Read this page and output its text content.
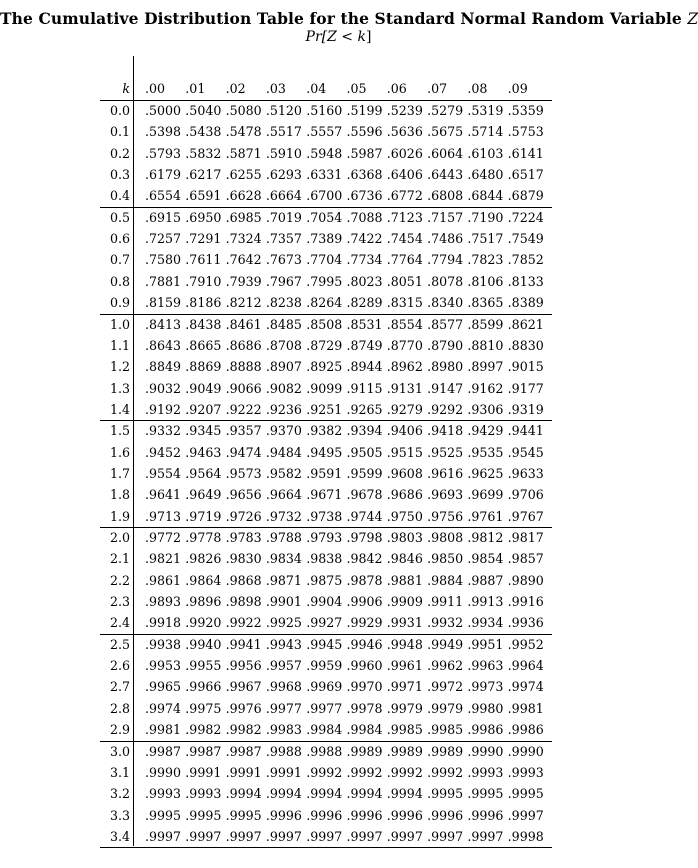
The Cumulative Distribution Table for the Standard Normal Random Variable Z
Pr[Z < k]
k .00 .01 .02 .03 .04 .05 .06 .07 .08 .09
0.0 .5000 .5040 .5080 .5120 .5160 .5199 .5239 .5279 .5319 .5359
0.1 .5398 .5438 .5478 .5517 .5557 .5596 .5636 .5675 .5714 .5753
0.2 .5793 .5832 .5871 .5910 .5948 .5987 .6026 .6064 .6103 .6141
0.3 .6179 .6217 .6255 .6293 .6331 .6368 .6406 .6443 .6480 .6517
0.4 .6554 .6591 .6628 .6664 .6700 .6736 .6772 .6808 .6844 .6879
0.5 .6915 .6950 .6985 .7019 .7054 .7088 .7123 .7157 .7190 .7224
0.6 .7257 .7291 .7324 .7357 .7389 .7422 .7454 .7486 .7517 .7549
0.7 .7580 .7611 .7642 .7673 .7704 .7734 .7764 .7794 .7823 .7852
0.8 .7881 .7910 .7939 .7967 .7995 .8023 .8051 .8078 .8106 .8133
0.9 .8159 .8186 .8212 .8238 .8264 .8289 .8315 .8340 .8365 .8389
1.0 .8413 .8438 .8461 .8485 .8508 .8531 .8554 .8577 .8599 .8621
1.1 .8643 .8665 .8686 .8708 .8729 .8749 .8770 .8790 .8810 .8830
1.2 .8849 .8869 .8888 .8907 .8925 .8944 .8962 .8980 .8997 .9015
1.3 .9032 .9049 .9066 .9082 .9099 .9115 .9131 .9147 .9162 .9177
1.4 .9192 .9207 .9222 .9236 .9251 .9265 .9279 .9292 .9306 .9319
1.5 .9332 .9345 .9357 .9370 .9382 .9394 .9406 .9418 .9429 .9441
1.6 .9452 .9463 .9474 .9484 .9495 .9505 .9515 .9525 .9535 .9545
1.7 .9554 .9564 .9573 .9582 .9591 .9599 .9608 .9616 .9625 .9633
1.8 .9641 .9649 .9656 .9664 .9671 .9678 .9686 .9693 .9699 .9706
1.9 .9713 .9719 .9726 .9732 .9738 .9744 .9750 .9756 .9761 .9767
2.0 .9772 .9778 .9783 .9788 .9793 .9798 .9803 .9808 .9812 .9817
2.1 .9821 .9826 .9830 .9834 .9838 .9842 .9846 .9850 .9854 .9857
2.2 .9861 .9864 .9868 .9871 .9875 .9878 .9881 .9884 .9887 .9890
2.3 .9893 .9896 .9898 .9901 .9904 .9906 .9909 .9911 .9913 .9916
2.4 .9918 .9920 .9922 .9925 .9927 .9929 .9931 .9932 .9934 .9936
2.5 .9938 .9940 .9941 .9943 .9945 .9946 .9948 .9949 .9951 .9952
2.6 .9953 .9955 .9956 .9957 .9959 .9960 .9961 .9962 .9963 .9964
2.7 .9965 .9966 .9967 .9968 .9969 .9970 .9971 .9972 .9973 .9974
2.8 .9974 .9975 .9976 .9977 .9977 .9978 .9979 .9979 .9980 .9981
2.9 .9981 .9982 .9982 .9983 .9984 .9984 .9985 .9985 .9986 .9986
3.0 .9987 .9987 .9987 .9988 .9988 .9989 .9989 .9989 .9990 .9990
3.1 .9990 .9991 .9991 .9991 .9992 .9992 .9992 .9992 .9993 .9993
3.2 .9993 .9993 .9994 .9994 .9994 .9994 .9994 .9995 .9995 .9995
3.3 .9995 .9995 .9995 .9996 .9996 .9996 .9996 .9996 .9996 .9997
3.4 .9997 .9997 .9997 .9997 .9997 .9997 .9997 .9997 .9997 .9998
